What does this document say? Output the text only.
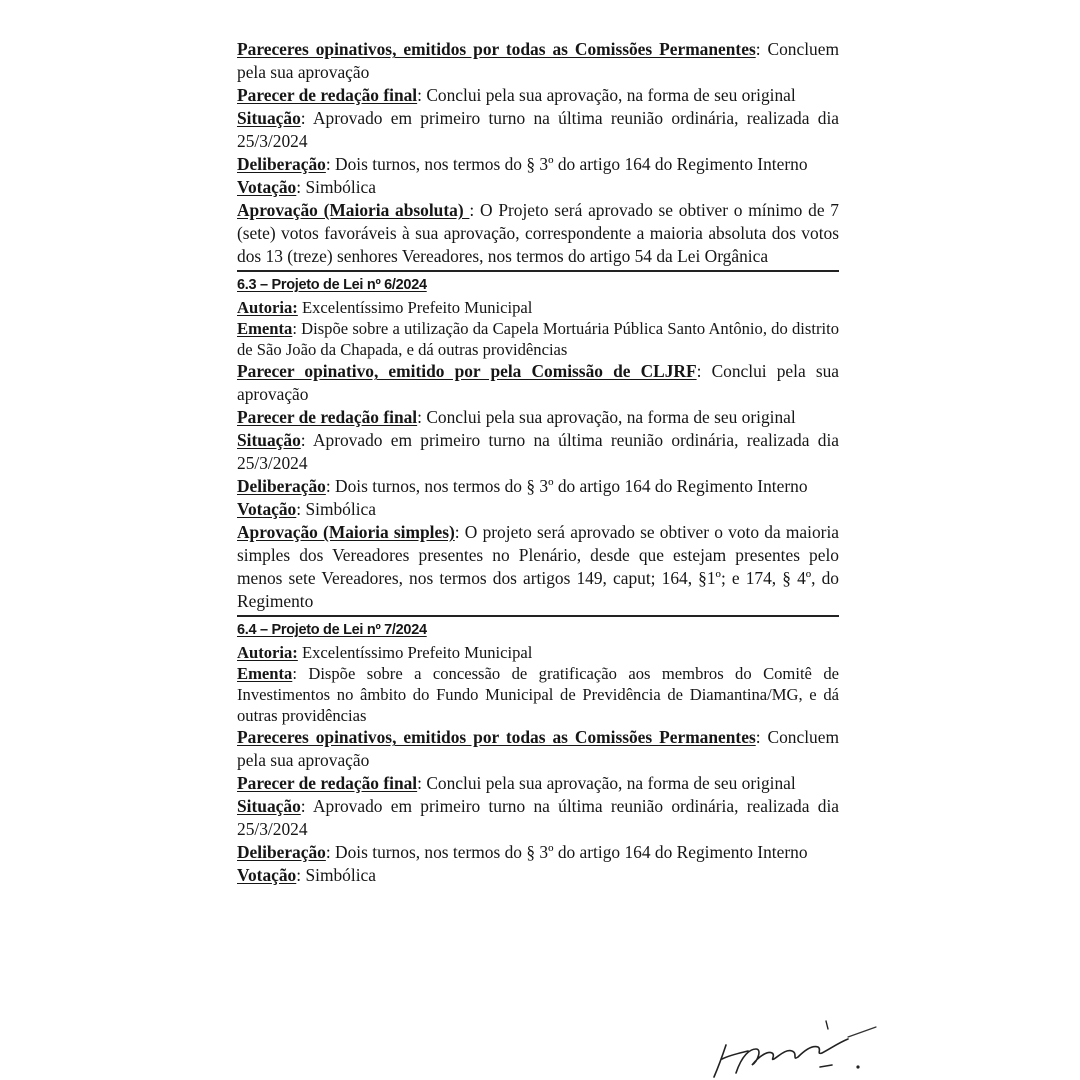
Pareceres opinativos, emitidos por todas as Comissões Permanentes: Concluem pela sua aprovação

Parecer de redação final: Conclui pela sua aprovação, na forma de seu original

Situação: Aprovado em primeiro turno na última reunião ordinária, realizada dia 25/3/2024

Deliberação: Dois turnos, nos termos do § 3º do artigo 164 do Regimento Interno

Votação: Simbólica

Aprovação (Maioria absoluta) : O Projeto será aprovado se obtiver o mínimo de 7 (sete) votos favoráveis à sua aprovação, correspondente a maioria absoluta dos votos dos 13 (treze) senhores Vereadores, nos termos do artigo 54 da Lei Orgânica

6.3 – Projeto de Lei nº 6/2024

Autoria: Excelentíssimo Prefeito Municipal

Ementa: Dispõe sobre a utilização da Capela Mortuária Pública Santo Antônio, do distrito de São João da Chapada, e dá outras providências

Parecer opinativo, emitido por pela Comissão de CLJRF: Conclui pela sua aprovação

Parecer de redação final: Conclui pela sua aprovação, na forma de seu original

Situação: Aprovado em primeiro turno na última reunião ordinária, realizada dia 25/3/2024

Deliberação: Dois turnos, nos termos do § 3º do artigo 164 do Regimento Interno

Votação: Simbólica

Aprovação (Maioria simples): O projeto será aprovado se obtiver o voto da maioria simples dos Vereadores presentes no Plenário, desde que estejam presentes pelo menos sete Vereadores, nos termos dos artigos 149, caput; 164, §1º; e 174, § 4º, do Regimento

6.4 – Projeto de Lei nº 7/2024

Autoria: Excelentíssimo Prefeito Municipal

Ementa: Dispõe sobre a concessão de gratificação aos membros do Comitê de Investimentos no âmbito do Fundo Municipal de Previdência de Diamantina/MG, e dá outras providências

Pareceres opinativos, emitidos por todas as Comissões Permanentes: Concluem pela sua aprovação

Parecer de redação final: Conclui pela sua aprovação, na forma de seu original

Situação: Aprovado em primeiro turno na última reunião ordinária, realizada dia 25/3/2024

Deliberação: Dois turnos, nos termos do § 3º do artigo 164 do Regimento Interno

Votação: Simbólica
